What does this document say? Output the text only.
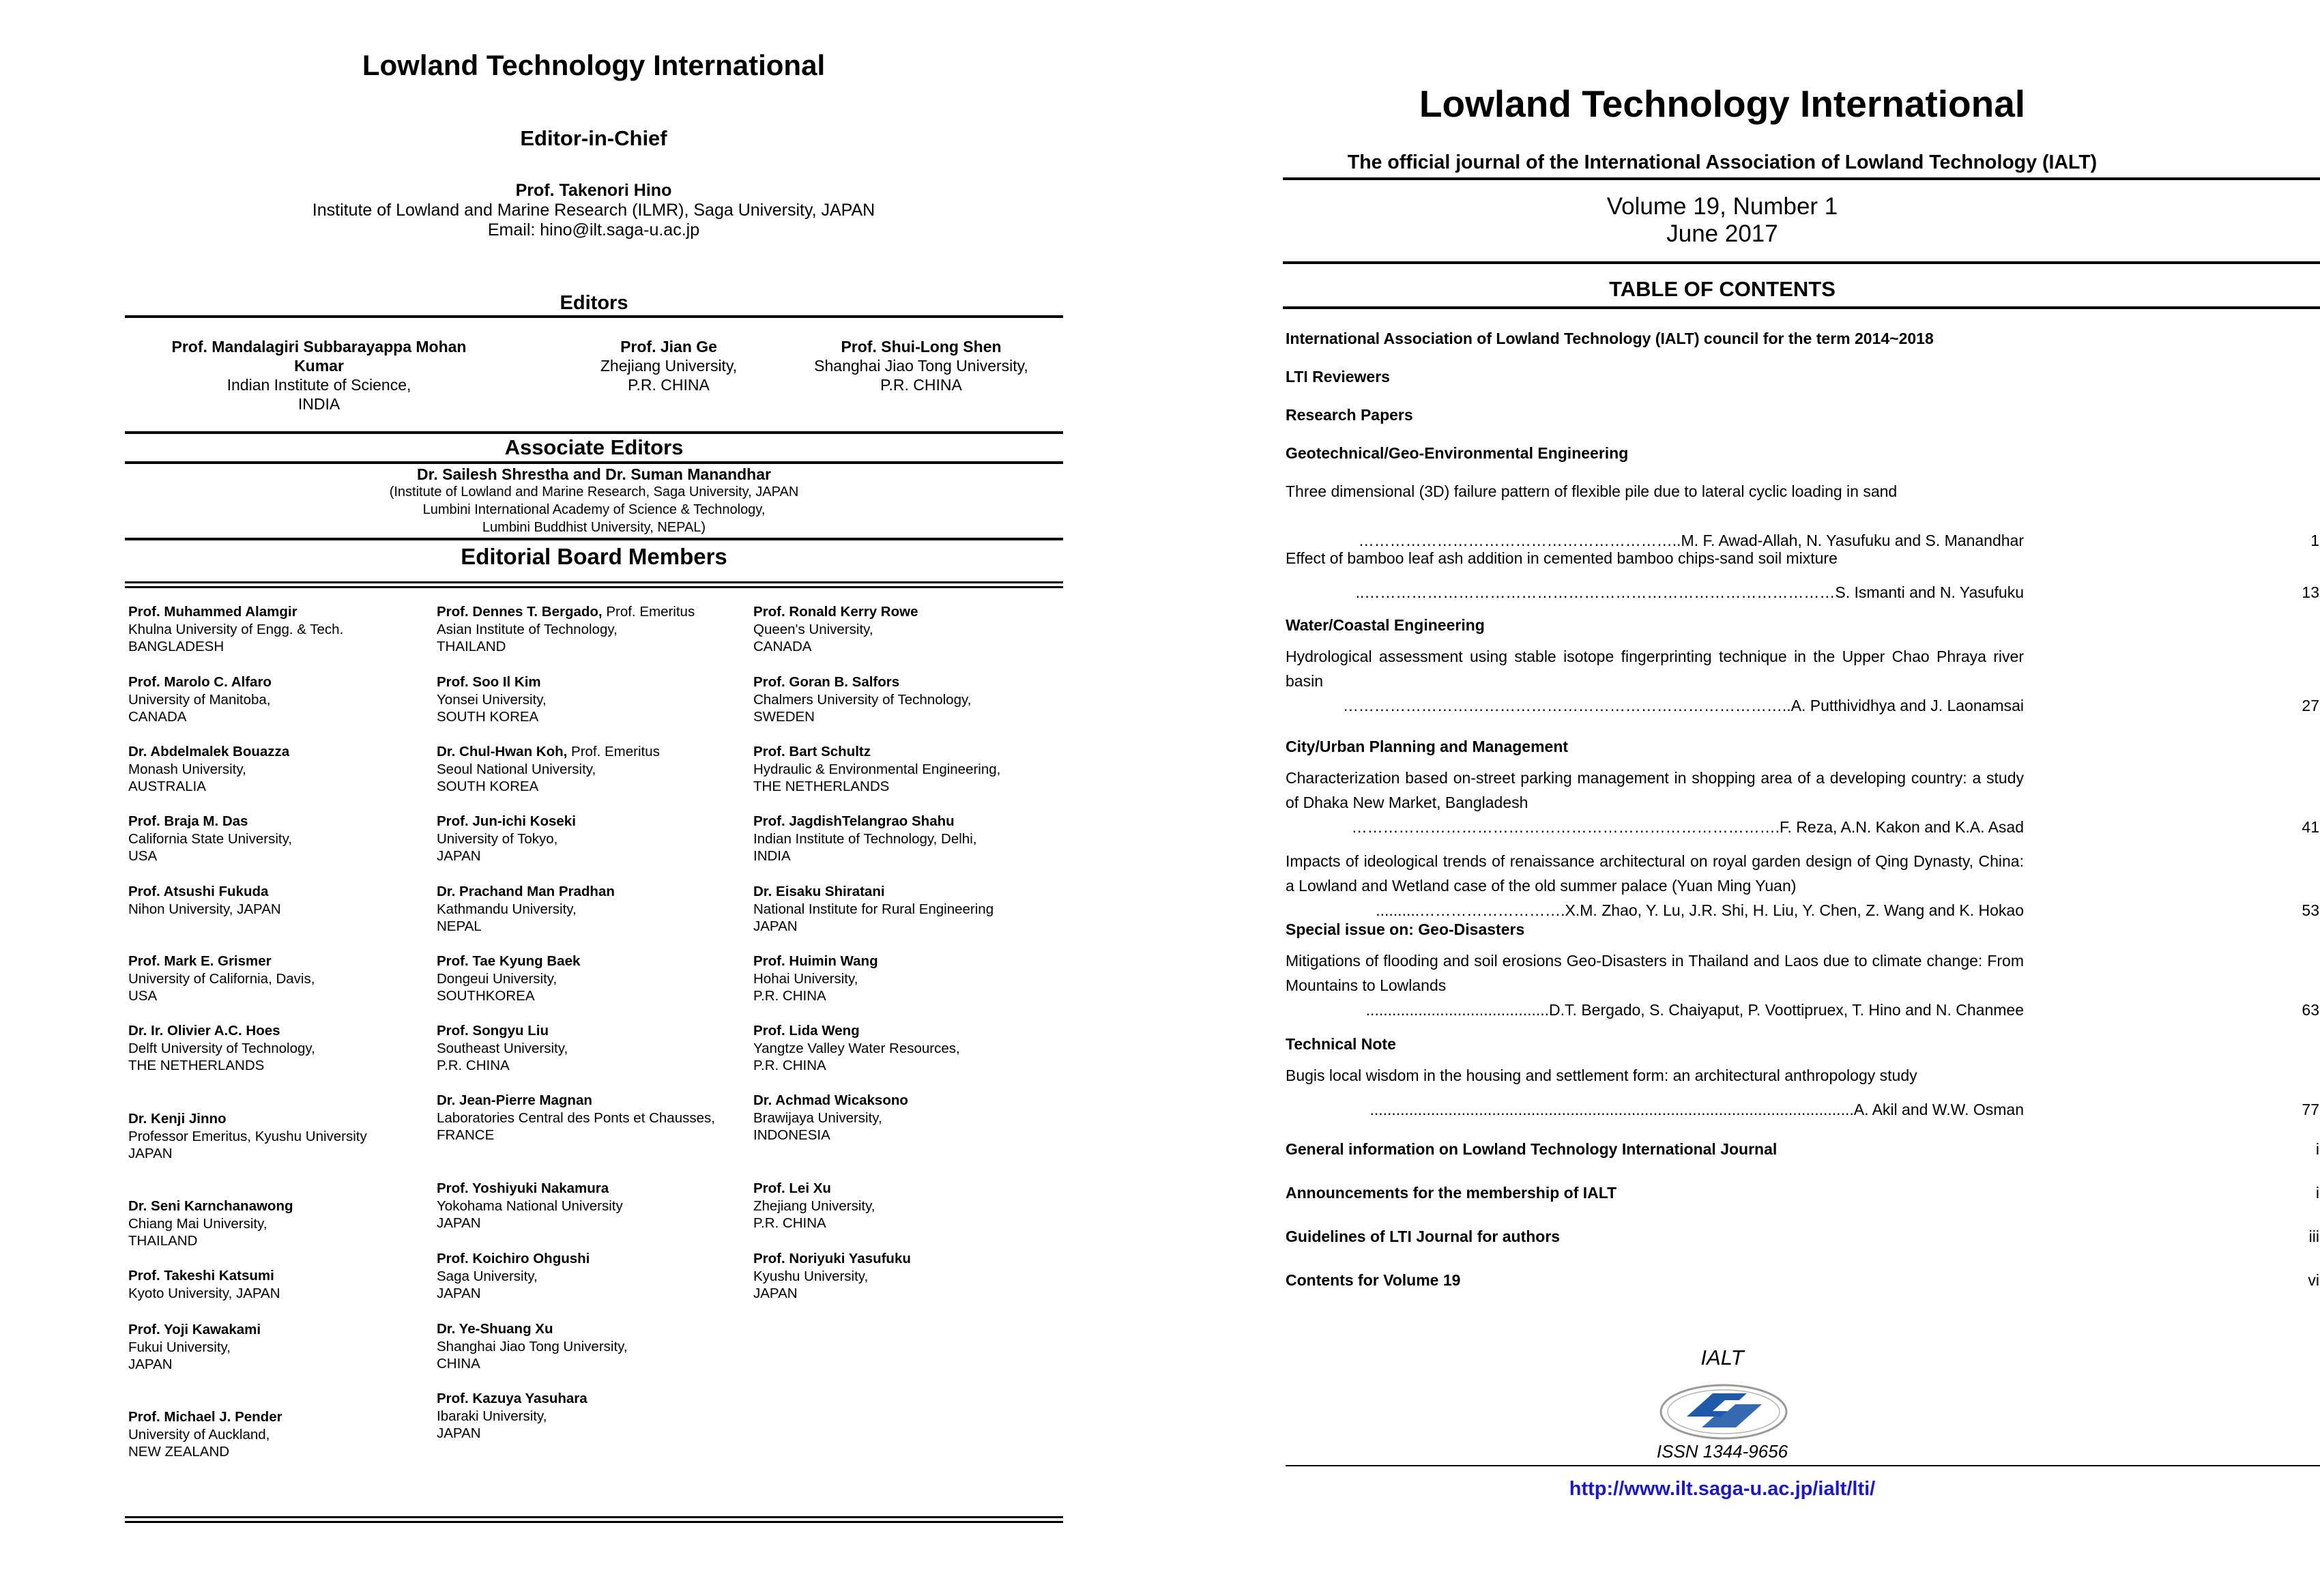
Lowland Technology International
Editor-in-Chief
Prof. Takenori Hino
Institute of Lowland and Marine Research (ILMR), Saga University, JAPAN
Email: hino@ilt.saga-u.ac.jp
Editors
Prof. Mandalagiri Subbarayappa Mohan
Kumar
Indian Institute of Science,
INDIA
Prof. Jian Ge
Zhejiang University,
P.R. CHINA
Prof. Shui-Long Shen
Shanghai Jiao Tong University,
P.R. CHINA
Associate Editors
Dr. Sailesh Shrestha and Dr. Suman Manandhar
(Institute of Lowland and Marine Research, Saga University, JAPAN
Lumbini International Academy of Science & Technology,
Lumbini Buddhist University, NEPAL)
Editorial Board Members
Prof. Muhammed Alamgir
Khulna University of Engg. & Tech.
BANGLADESH
Prof. Marolo C. Alfaro
University of Manitoba,
CANADA
Dr. Abdelmalek Bouazza
Monash University,
AUSTRALIA
Prof. Braja M. Das
California State University,
USA
Prof. Atsushi Fukuda
Nihon University, JAPAN
Prof. Mark E. Grismer
University of California, Davis,
USA
Dr. Ir. Olivier A.C. Hoes
Delft University of Technology,
THE NETHERLANDS
Dr. Kenji Jinno
Professor Emeritus, Kyushu University
JAPAN
Dr. Seni Karnchanawong
Chiang Mai University,
THAILAND
Prof. Takeshi Katsumi
Kyoto University, JAPAN
Prof. Yoji Kawakami
Fukui University,
JAPAN
Prof. Michael J. Pender
University of Auckland,
NEW ZEALAND
Prof. Dennes T. Bergado, Prof. Emeritus
Asian Institute of Technology,
THAILAND
Prof. Soo Il Kim
Yonsei University,
SOUTH KOREA
Dr. Chul-Hwan Koh, Prof. Emeritus
Seoul National University,
SOUTH KOREA
Prof. Jun-ichi Koseki
University of Tokyo,
JAPAN
Dr. Prachand Man Pradhan
Kathmandu University,
NEPAL
Prof. Tae Kyung Baek
Dongeui University,
SOUTHKOREA
Prof. Songyu Liu
Southeast University,
P.R. CHINA
Dr. Jean-Pierre Magnan
Laboratories Central des Ponts et Chausses,
FRANCE
Prof. Yoshiyuki Nakamura
Yokohama National University
JAPAN
Prof. Koichiro Ohgushi
Saga University,
JAPAN
Dr. Ye-Shuang Xu
Shanghai Jiao Tong University,
CHINA
Prof. Kazuya Yasuhara
Ibaraki University,
JAPAN
Prof. Ronald Kerry Rowe
Queen's University,
CANADA
Prof. Goran B. Salfors
Chalmers University of Technology,
SWEDEN
Prof. Bart Schultz
Hydraulic & Environmental Engineering,
THE NETHERLANDS
Prof. JagdishTelangrao Shahu
Indian Institute of Technology, Delhi,
INDIA
Dr. Eisaku Shiratani
National Institute for Rural Engineering
JAPAN
Prof. Huimin Wang
Hohai University,
P.R. CHINA
Prof. Lida Weng
Yangtze Valley Water Resources,
P.R. CHINA
Dr. Achmad Wicaksono
Brawijaya University,
INDONESIA
Prof. Lei Xu
Zhejiang University,
P.R. CHINA
Prof. Noriyuki Yasufuku
Kyushu University,
JAPAN
Lowland Technology International
The official journal of the International Association of Lowland Technology (IALT)
Volume 19, Number 1
June 2017
TABLE OF CONTENTS
International Association of Lowland Technology (IALT) council for the term 2014~2018
LTI Reviewers
Research Papers
Geotechnical/Geo-Environmental Engineering
Three dimensional (3D) failure pattern of flexible pile due to lateral cyclic loading in sand
……………………………………………………..M. F. Awad-Allah, N. Yasufuku and S. Manandhar	1
Effect of bamboo leaf ash addition in cemented bamboo chips-sand soil mixture
..………………………………………………………………………………S. Ismanti and N. Yasufuku	13
Water/Coastal Engineering
Hydrological assessment using stable isotope fingerprinting technique in the Upper Chao Phraya river basin
…………………………………………………………………………..A. Putthividhya and J. Laonamsai	27
City/Urban Planning and Management
Characterization based on-street parking management in shopping area of a developing country: a study of Dhaka New Market, Bangladesh
……………………………………………………………………….F. Reza, A.N. Kakon and K.A. Asad	41
Impacts of ideological trends of renaissance architectural on royal garden design of Qing Dynasty, China: a Lowland and Wetland case of the old summer palace (Yuan Ming Yuan)
..........……………………….X.M. Zhao, Y. Lu, J.R. Shi, H. Liu, Y. Chen, Z. Wang and K. Hokao	53
Special issue on: Geo-Disasters
Mitigations of flooding and soil erosions Geo-Disasters in Thailand and Laos due to climate change: From Mountains to Lowlands
..........................................D.T. Bergado, S. Chaiyaput, P. Voottipruex, T. Hino and N. Chanmee	63
Technical Note
Bugis local wisdom in the housing and settlement form: an architectural anthropology study
...............................................................................................................A. Akil and W.W. Osman	77
General information on Lowland Technology International Journal	i
Announcements for the membership of IALT	i
Guidelines of LTI Journal for authors	iii
Contents for Volume 19	vi
IALT
ISSN 1344-9656
http://www.ilt.saga-u.ac.jp/ialt/lti/
